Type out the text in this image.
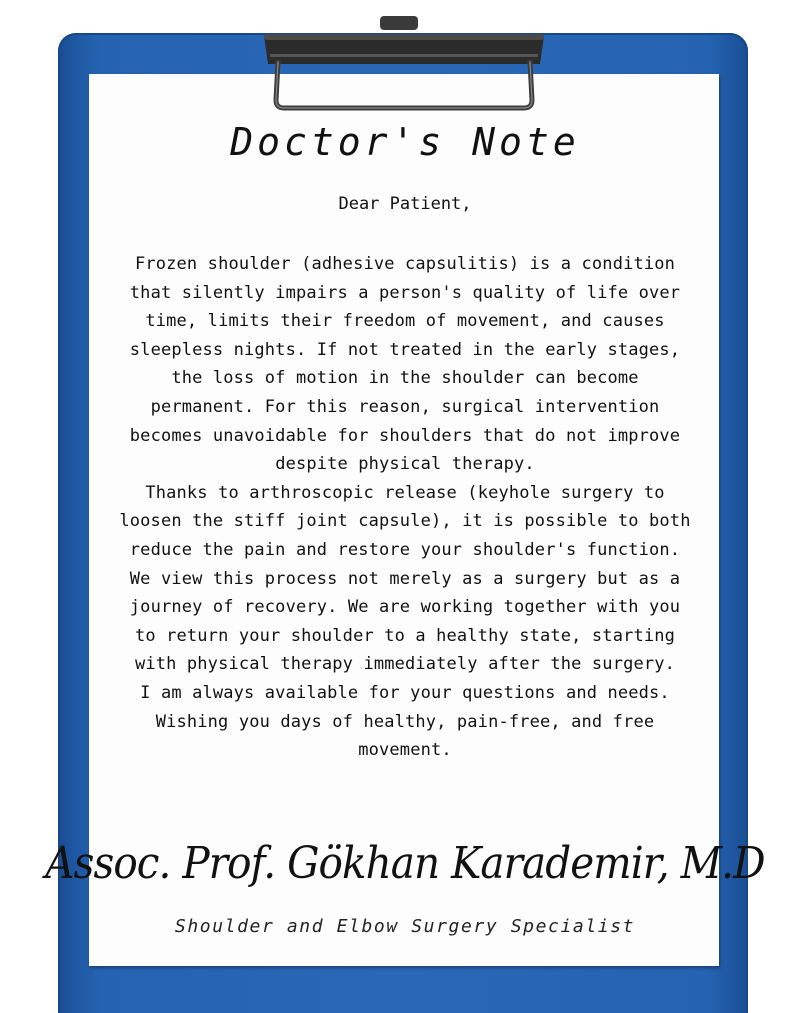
Doctor's Note
Dear Patient,

Frozen shoulder (adhesive capsulitis) is a condition that silently impairs a person's quality of life over time, limits their freedom of movement, and causes sleepless nights. If not treated in the early stages, the loss of motion in the shoulder can become permanent. For this reason, surgical intervention becomes unavoidable for shoulders that do not improve despite physical therapy.

Thanks to arthroscopic release (keyhole surgery to loosen the stiff joint capsule), it is possible to both reduce the pain and restore your shoulder's function. We view this process not merely as a surgery but as a journey of recovery. We are working together with you to return your shoulder to a healthy state, starting with physical therapy immediately after the surgery.

I am always available for your questions and needs. Wishing you days of healthy, pain-free, and free movement.

Assoc. Prof. Gökhan Karademir, M.D
Shoulder and Elbow Surgery Specialist
